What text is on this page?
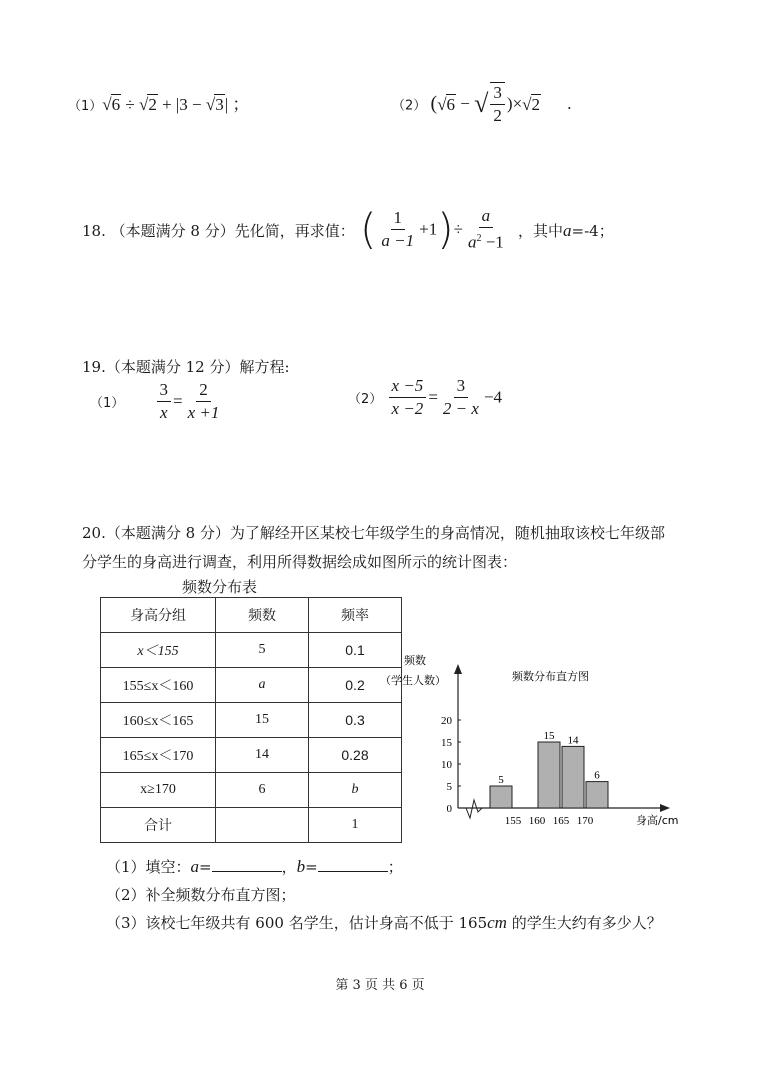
（1）√6 ÷ √2 + |3 − √3| ；	（2） (√6 − √ $\frac{3}{2} )\times√2$ .
18. （本题满分 8 分）先化简，再求值： ( $\frac{1}{a -1} +1)\div \frac{a}{a^2 -1}$ ，其中a=-4；
19.（本题满分 12 分）解方程:
$(1) \frac{3}{x} = \frac{2}{x +1}$	$(2) \frac{x -5}{x -2} = \frac{3}{2 - x} -4$
20.（本题满分 8 分）为了解经开区某校七年级学生的身高情况，随机抽取该校七年级部
分学生的身高进行调查，利用所得数据绘成如图所示的统计图表：
频数分布表
身高分组	频数	频率
x＜155	5	0.1
155≤x＜160	a	0.2
160≤x＜165	15	0.3
165≤x＜170	14	0.28
x≥170	6	b
合计		1
频数
（学生人数）	频数分布直方图
0
5
10
15
20
5
15 14
6
155 160 165 170	身高/cm
（1）填空：a=	，b=	；
（2）补全频数分布直方图；
（3）该校七年级共有 600 名学生，估计身高不低于 165cm 的学生大约有多少人？
第 3 页 共 6 页
